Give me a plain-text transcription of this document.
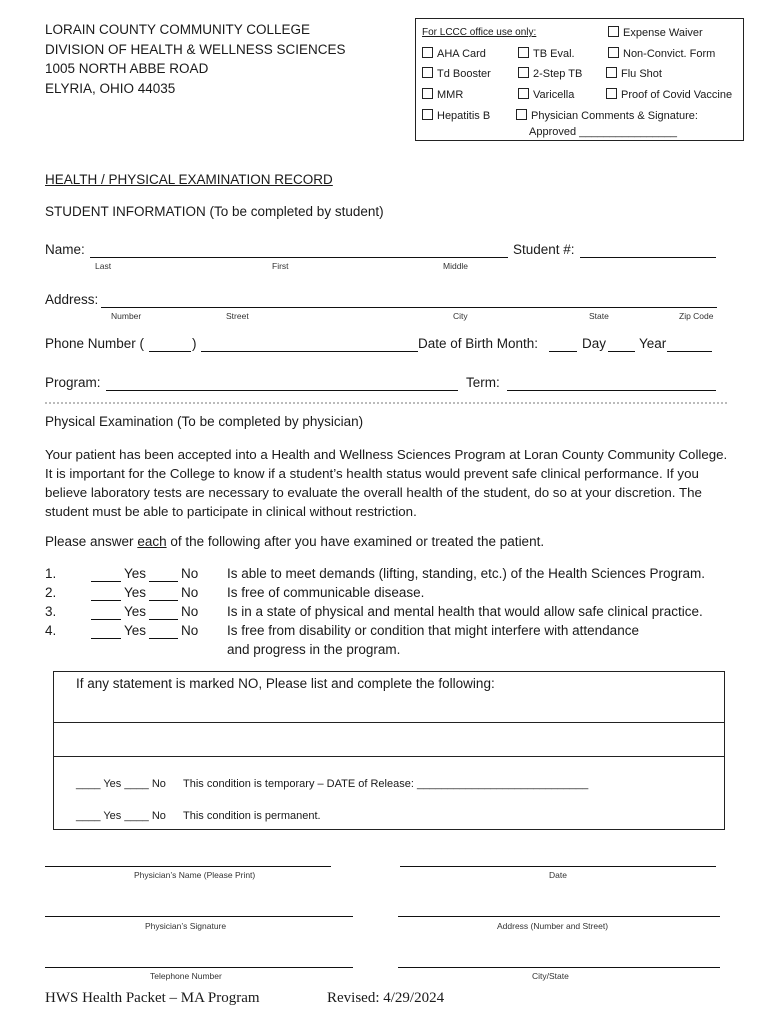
LORAIN COUNTY COMMUNITY COLLEGE
DIVISION OF HEALTH & WELLNESS SCIENCES
1005 NORTH ABBE ROAD
ELYRIA, OHIO 44035
For LCCC office use only:	Expense Waiver
AHA Card	TB Eval.	Non-Convict. Form
Td Booster	2-Step TB	Flu Shot
MMR	Varicella	Proof of Covid Vaccine
Hepatitis B	Physician Comments & Signature:
Approved ________________
HEALTH / PHYSICAL EXAMINATION RECORD
STUDENT INFORMATION (To be completed by student)
Name:	Student #:
Last	First	Middle
Address:
Number	Street	City	State	Zip Code
Phone Number (	)	Date of Birth Month:	Day Year
Program:	Term:
Physical Examination (To be completed by physician)
Your patient has been accepted into a Health and Wellness Sciences Program at Loran County Community College. It is important for the College to know if a student’s health status would prevent safe clinical performance. If you believe laboratory tests are necessary to evaluate the overall health of the student, do so at your discretion. The student must be able to participate in clinical without restriction.
Please answer each of the following after you have examined or treated the patient.
1.	Yes	No Is able to meet demands (lifting, standing, etc.) of the Health Sciences Program.
2.	Yes	No Is free of communicable disease.
3.	Yes	No Is in a state of physical and mental health that would allow safe clinical practice.
4.	Yes	No Is free from disability or condition that might interfere with attendance
and progress in the program.
If any statement is marked NO, Please list and complete the following:
____ Yes ____ No This condition is temporary – DATE of Release: ____________________________
____ Yes ____ No This condition is permanent.
Physician’s Name (Please Print)	Date
Physician’s Signature	Address (Number and Street)
Telephone Number	City/State
HWS Health Packet – MA Program	Revised: 4/29/2024
